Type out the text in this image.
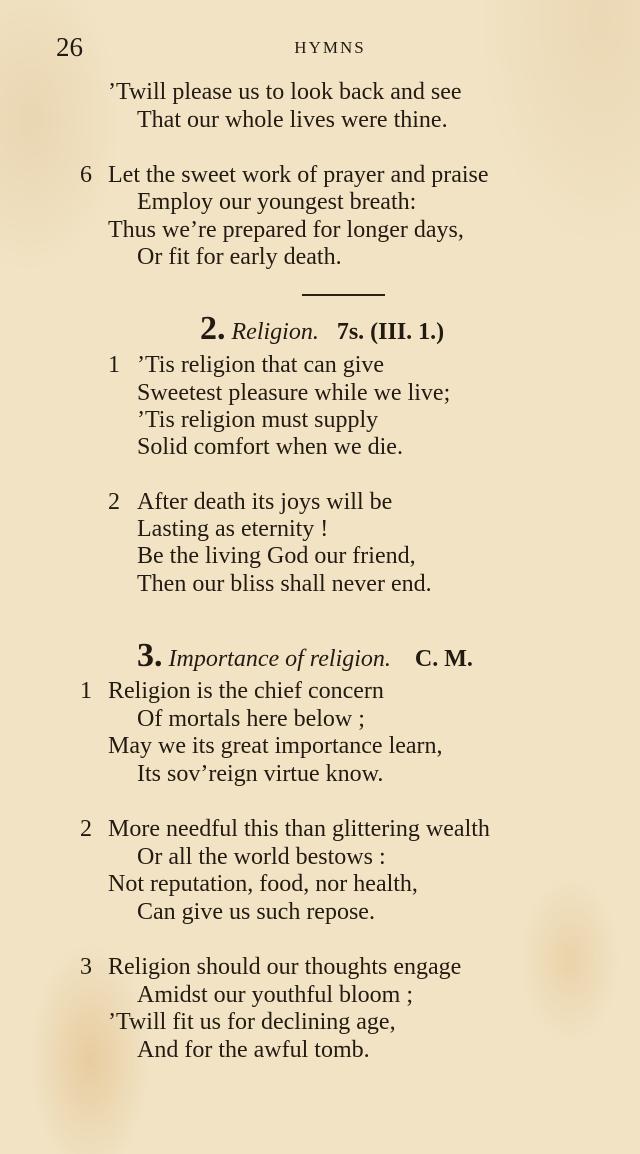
26	HYMNS
’Twill please us to look back and see
That our whole lives were thine.
6 Let the sweet work of prayer and praise
Employ our youngest breath:
Thus we’re prepared for longer days,
Or fit for early death.
2. Religion. 7s. (III. 1.)
1 ’Tis religion that can give
Sweetest pleasure while we live;
’Tis religion must supply
Solid comfort when we die.
2 After death its joys will be
Lasting as eternity !
Be the living God our friend,
Then our bliss shall never end.
3. Importance of religion. C. M.
1 Religion is the chief concern
Of mortals here below ;
May we its great importance learn,
Its sov’reign virtue know.
2 More needful this than glittering wealth
Or all the world bestows :
Not reputation, food, nor health,
Can give us such repose.
3 Religion should our thoughts engage
Amidst our youthful bloom ;
’Twill fit us for declining age,
And for the awful tomb.
